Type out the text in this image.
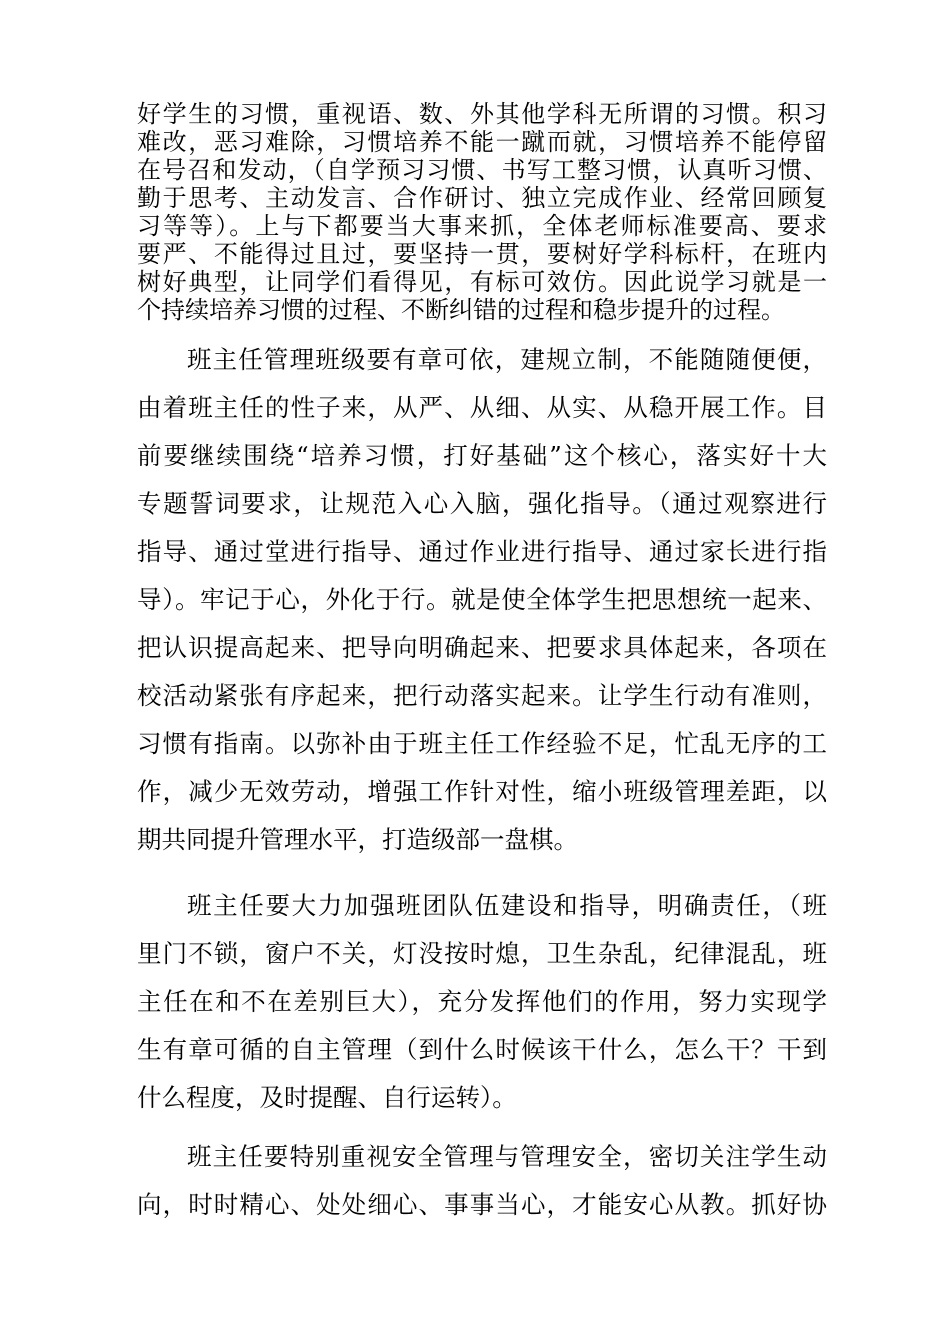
好学生的习惯，重视语、数、外其他学科无所谓的习惯。积习
难改，恶习难除，习惯培养不能一蹴而就，习惯培养不能停留
在号召和发动，（自学预习习惯、书写工整习惯，认真听习惯、
勤于思考、主动发言、合作研讨、独立完成作业、经常回顾复
习等等）。上与下都要当大事来抓，全体老师标准要高、要求
要严、不能得过且过，要坚持一贯，要树好学科标杆，在班内
树好典型，让同学们看得见，有标可效仿。因此说学习就是一
个持续培养习惯的过程、不断纠错的过程和稳步提升的过程。
班主任管理班级要有章可依，建规立制，不能随随便便，
由着班主任的性子来，从严、从细、从实、从稳开展工作。目
前要继续围绕“培养习惯，打好基础”这个核心，落实好十大
专题誓词要求，让规范入心入脑，强化指导。（通过观察进行
指导、通过堂进行指导、通过作业进行指导、通过家长进行指
导）。牢记于心，外化于行。就是使全体学生把思想统一起来、
把认识提高起来、把导向明确起来、把要求具体起来，各项在
校活动紧张有序起来，把行动落实起来。让学生行动有准则，
习惯有指南。以弥补由于班主任工作经验不足，忙乱无序的工
作，减少无效劳动，增强工作针对性，缩小班级管理差距，以
期共同提升管理水平，打造级部一盘棋。
班主任要大力加强班团队伍建设和指导，明确责任，（班
里门不锁，窗户不关，灯没按时熄，卫生杂乱，纪律混乱，班
主任在和不在差别巨大），充分发挥他们的作用，努力实现学
生有章可循的自主管理（到什么时候该干什么，怎么干？干到
什么程度，及时提醒、自行运转）。
班主任要特别重视安全管理与管理安全，密切关注学生动
向，时时精心、处处细心、事事当心，才能安心从教。抓好协
